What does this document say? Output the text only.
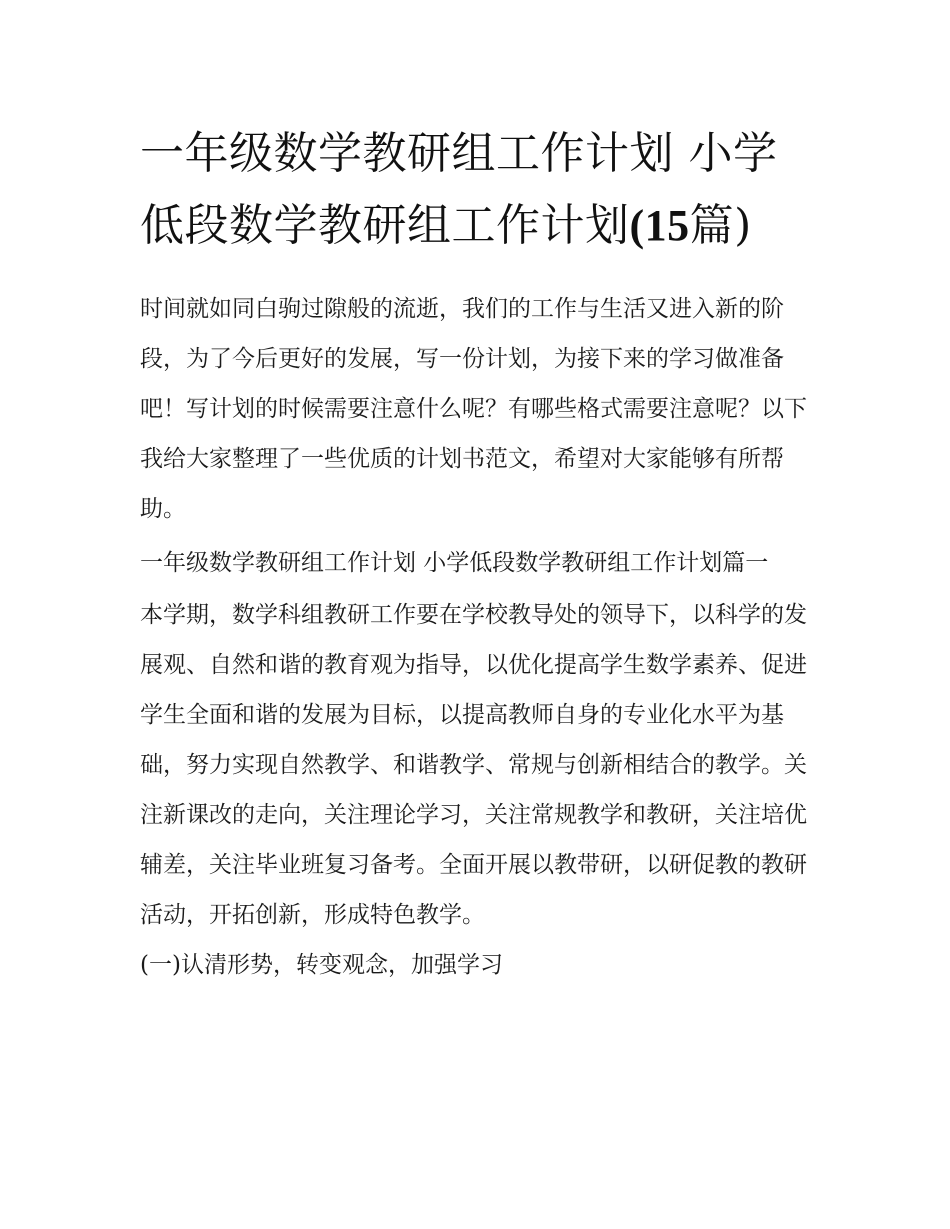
一年级数学教研组工作计划 小学低段数学教研组工作计划(15篇)

时间就如同白驹过隙般的流逝，我们的工作与生活又进入新的阶段，为了今后更好的发展，写一份计划，为接下来的学习做准备吧！写计划的时候需要注意什么呢？有哪些格式需要注意呢？以下我给大家整理了一些优质的计划书范文，希望对大家能够有所帮助。

一年级数学教研组工作计划 小学低段数学教研组工作计划篇一

本学期，数学科组教研工作要在学校教导处的领导下，以科学的发展观、自然和谐的教育观为指导，以优化提高学生数学素养、促进学生全面和谐的发展为目标，以提高教师自身的专业化水平为基础，努力实现自然教学、和谐教学、常规与创新相结合的教学。关注新课改的走向，关注理论学习，关注常规教学和教研，关注培优辅差，关注毕业班复习备考。全面开展以教带研，以研促教的教研活动，开拓创新，形成特色教学。

(一)认清形势，转变观念，加强学习
